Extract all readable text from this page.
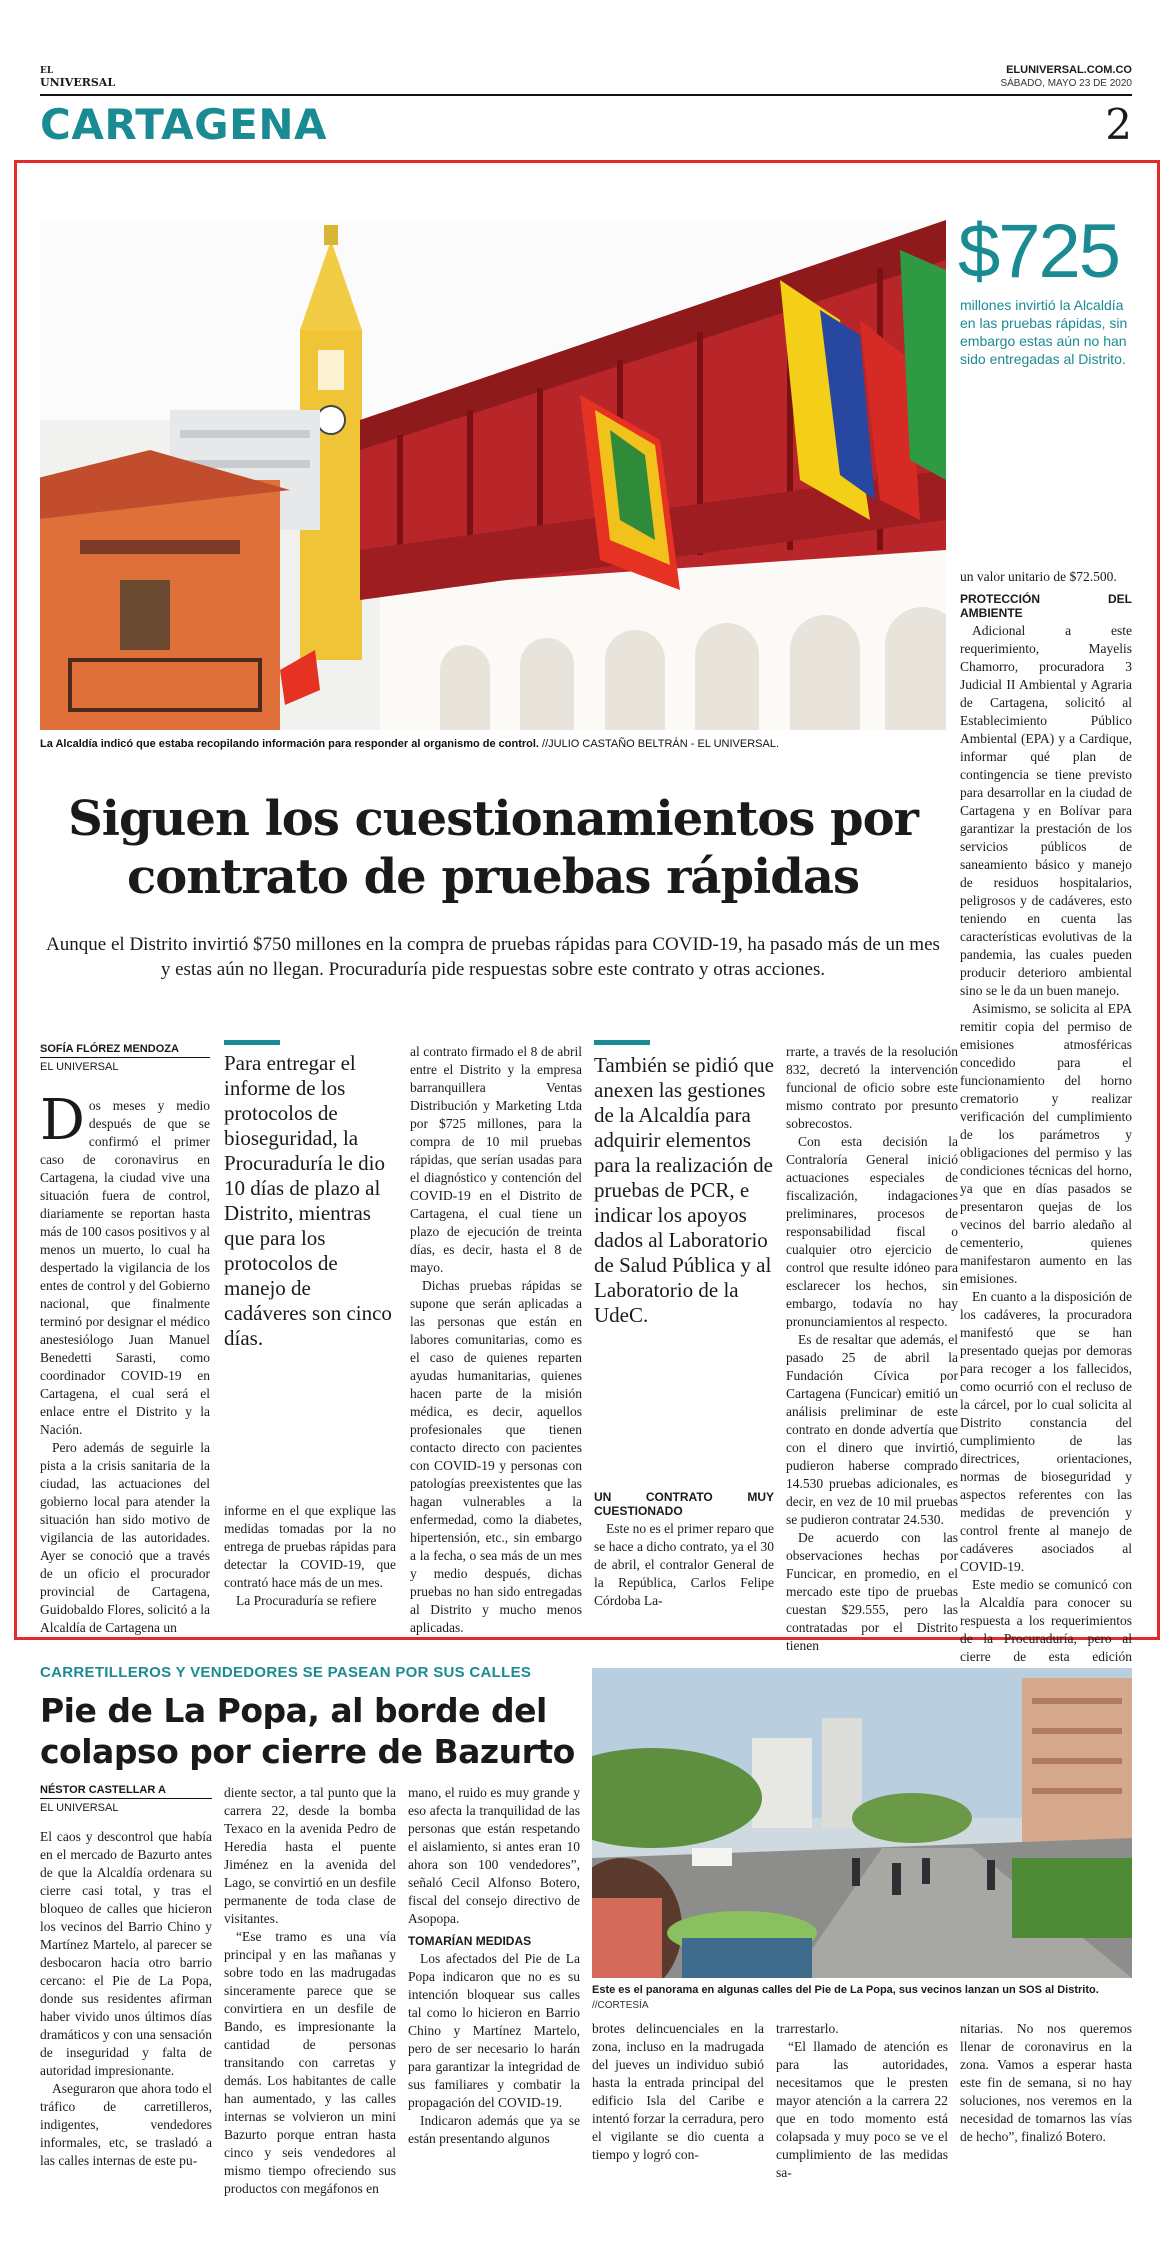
EL
UNIVERSAL
ELUNIVERSAL.COM.CO
SÁBADO, MAYO 23 DE 2020
CARTAGENA	2
La Alcaldía indicó que estaba recopilando información para responder al organismo de control. //JULIO CASTAÑO BELTRÁN - EL UNIVERSAL.
$725
millones invirtió la Alcaldía en las pruebas rápidas, sin embargo estas aún no han sido entregadas al Distrito.
Siguen los cuestionamientos por
contrato de pruebas rápidas
Aunque el Distrito invirtió $750 millones en la compra de pruebas rápidas para COVID-19, ha pasado más de un mes y estas aún no llegan. Procuraduría pide respuestas sobre este contrato y otras acciones.
SOFÍA FLÓREZ MENDOZA
EL UNIVERSAL

Dos meses y medio después de que se confirmó el primer caso de coronavirus en Cartagena, la ciudad vive una situación fuera de control, diariamente se reportan hasta más de 100 casos positivos y al menos un muerto, lo cual ha despertado la vigilancia de los entes de control y del Gobierno nacional, que finalmente terminó por designar el médico anestesiólogo Juan Manuel Benedetti Sarasti, como coordinador COVID-19 en Cartagena, el cual será el enlace entre el Distrito y la Nación.

Pero además de seguirle la pista a la crisis sanitaria de la ciudad, las actuaciones del gobierno local para atender la situación han sido motivo de vigilancia de las autoridades. Ayer se conoció que a través de un oficio el procurador provincial de Cartagena, Guidobaldo Flores, solicitó a la Alcaldía de Cartagena un

Para entregar el informe de los protocolos de bioseguridad, la Procuraduría le dio 10 días de plazo al Distrito, mientras que para los protocolos de manejo de cadáveres son cinco días.

informe en el que explique las medidas tomadas por la no entrega de pruebas rápidas para detectar la COVID-19, que contrató hace más de un mes.

La Procuraduría se refiere

al contrato firmado el 8 de abril entre el Distrito y la empresa barranquillera Ventas Distribución y Marketing Ltda por $725 millones, para la compra de 10 mil pruebas rápidas, que serían usadas para el diagnóstico y contención del COVID-19 en el Distrito de Cartagena, el cual tiene un plazo de ejecución de treinta días, es decir, hasta el 8 de mayo.

Dichas pruebas rápidas se supone que serán aplicadas a las personas que están en labores comunitarias, como es el caso de quienes reparten ayudas humanitarias, quienes hacen parte de la misión médica, es decir, aquellos profesionales que tienen contacto directo con pacientes con COVID-19 y personas con patologías preexistentes que las hagan vulnerables a la enfermedad, como la diabetes, hipertensión, etc., sin embargo a la fecha, o sea más de un mes y medio después, dichas pruebas no han sido entregadas al Distrito y mucho menos aplicadas.

También se pidió que anexen las gestiones de la Alcaldía para adquirir elementos para la realización de pruebas de PCR, e indicar los apoyos dados al Laboratorio de Salud Pública y al Laboratorio de la UdeC.
UN CONTRATO MUY CUESTIONADO

Este no es el primer reparo que se hace a dicho contrato, ya el 30 de abril, el contralor General de la República, Carlos Felipe Córdoba La-

rrarte, a través de la resolución 832, decretó la intervención funcional de oficio sobre este mismo contrato por presunto sobrecostos.

Con esta decisión la Contraloría General inició actuaciones especiales de fiscalización, indagaciones preliminares, procesos de responsabilidad fiscal o cualquier otro ejercicio de control que resulte idóneo para esclarecer los hechos, sin embargo, todavía no hay pronunciamientos al respecto.

Es de resaltar que además, el pasado 25 de abril la Fundación Cívica por Cartagena (Funcicar) emitió un análisis preliminar de este contrato en donde advertía que con el dinero que invirtió, pudieron haberse comprado 14.530 pruebas adicionales, es decir, en vez de 10 mil pruebas se pudieron contratar 24.530.

De acuerdo con las observaciones hechas por Funcicar, en promedio, en el mercado este tipo de pruebas cuestan $29.555, pero las contratadas por el Distrito tienen

un valor unitario de $72.500.

PROTECCIÓN DEL AMBIENTE

Adicional a este requerimiento, Mayelis Chamorro, procuradora 3 Judicial II Ambiental y Agraria de Cartagena, solicitó al Establecimiento Público Ambiental (EPA) y a Cardique, informar qué plan de contingencia se tiene previsto para desarrollar en la ciudad de Cartagena y en Bolívar para garantizar la prestación de los servicios públicos de saneamiento básico y manejo de residuos hospitalarios, peligrosos y de cadáveres, esto teniendo en cuenta las características evolutivas de la pandemia, las cuales pueden producir deterioro ambiental sino se le da un buen manejo.

Asimismo, se solicita al EPA remitir copia del permiso de emisiones atmosféricas concedido para el funcionamiento del horno crematorio y realizar verificación del cumplimiento de los parámetros y obligaciones del permiso y las condiciones técnicas del horno, ya que en días pasados se presentaron quejas de los vecinos del barrio aledaño al cementerio, quienes manifestaron aumento en las emisiones.

En cuanto a la disposición de los cadáveres, la procuradora manifestó que se han presentado quejas por demoras para recoger a los fallecidos, como ocurrió con el recluso de la cárcel, por lo cual solicita al Distrito constancia del cumplimiento de las directrices, orientaciones, normas de bioseguridad y aspectos referentes con las medidas de prevención y control frente al manejo de cadáveres asociados al COVID-19.

Este medio se comunicó con la Alcaldía para conocer su respuesta a los requerimientos de la Procuraduría, pero al cierre de esta edición

CARRETILLEROS Y VENDEDORES SE PASEAN POR SUS CALLES
Pie de La Popa, al borde del
colapso por cierre de Bazurto
Este es el panorama en algunas calles del Pie de La Popa, sus vecinos lanzan un SOS al Distrito.
//CORTESÍA
NÉSTOR CASTELLAR A
EL UNIVERSAL

El caos y descontrol que había en el mercado de Bazurto antes de que la Alcaldía ordenara su cierre casi total, y tras el bloqueo de calles que hicieron los vecinos del Barrio Chino y Martínez Martelo, al parecer se desbocaron hacia otro barrio cercano: el Pie de La Popa, donde sus residentes afirman haber vivido unos últimos días dramáticos y con una sensación de inseguridad y falta de autoridad impresionante.

Aseguraron que ahora todo el tráfico de carretilleros, indigentes, vendedores informales, etc, se trasladó a las calles internas de este pu-

diente sector, a tal punto que la carrera 22, desde la bomba Texaco en la avenida Pedro de Heredia hasta el puente Jiménez en la avenida del Lago, se convirtió en un desfile permanente de toda clase de visitantes.

“Ese tramo es una vía principal y en las mañanas y sobre todo en las madrugadas sinceramente parece que se convirtiera en un desfile de Bando, es impresionante la cantidad de personas transitando con carretas y demás. Los habitantes de calle han aumentado, y las calles internas se volvieron un mini Bazurto porque entran hasta cinco y seis vendedores al mismo tiempo ofreciendo sus productos con megáfonos en

mano, el ruido es muy grande y eso afecta la tranquilidad de las personas que están respetando el aislamiento, si antes eran 10 ahora son 100 vendedores”, señaló Cecil Alfonso Botero, fiscal del consejo directivo de Asopopa.

TOMARÍAN MEDIDAS

Los afectados del Pie de La Popa indicaron que no es su intención bloquear sus calles tal como lo hicieron en Barrio Chino y Martínez Martelo, pero de ser necesario lo harán para garantizar la integridad de sus familiares y combatir la propagación del COVID-19.

Indicaron además que ya se están presentando algunos

brotes delincuenciales en la zona, incluso en la madrugada del jueves un individuo subió hasta la entrada principal del edificio Isla del Caribe e intentó forzar la cerradura, pero el vigilante se dio cuenta a tiempo y logró con-

trarrestarlo.

“El llamado de atención es para las autoridades, necesitamos que le presten mayor atención a la carrera 22 que en todo momento está colapsada y muy poco se ve el cumplimiento de las medidas sa-

nitarias. No nos queremos llenar de coronavirus en la zona. Vamos a esperar hasta este fin de semana, si no hay soluciones, nos veremos en la necesidad de tomarnos las vías de hecho”, finalizó Botero.
